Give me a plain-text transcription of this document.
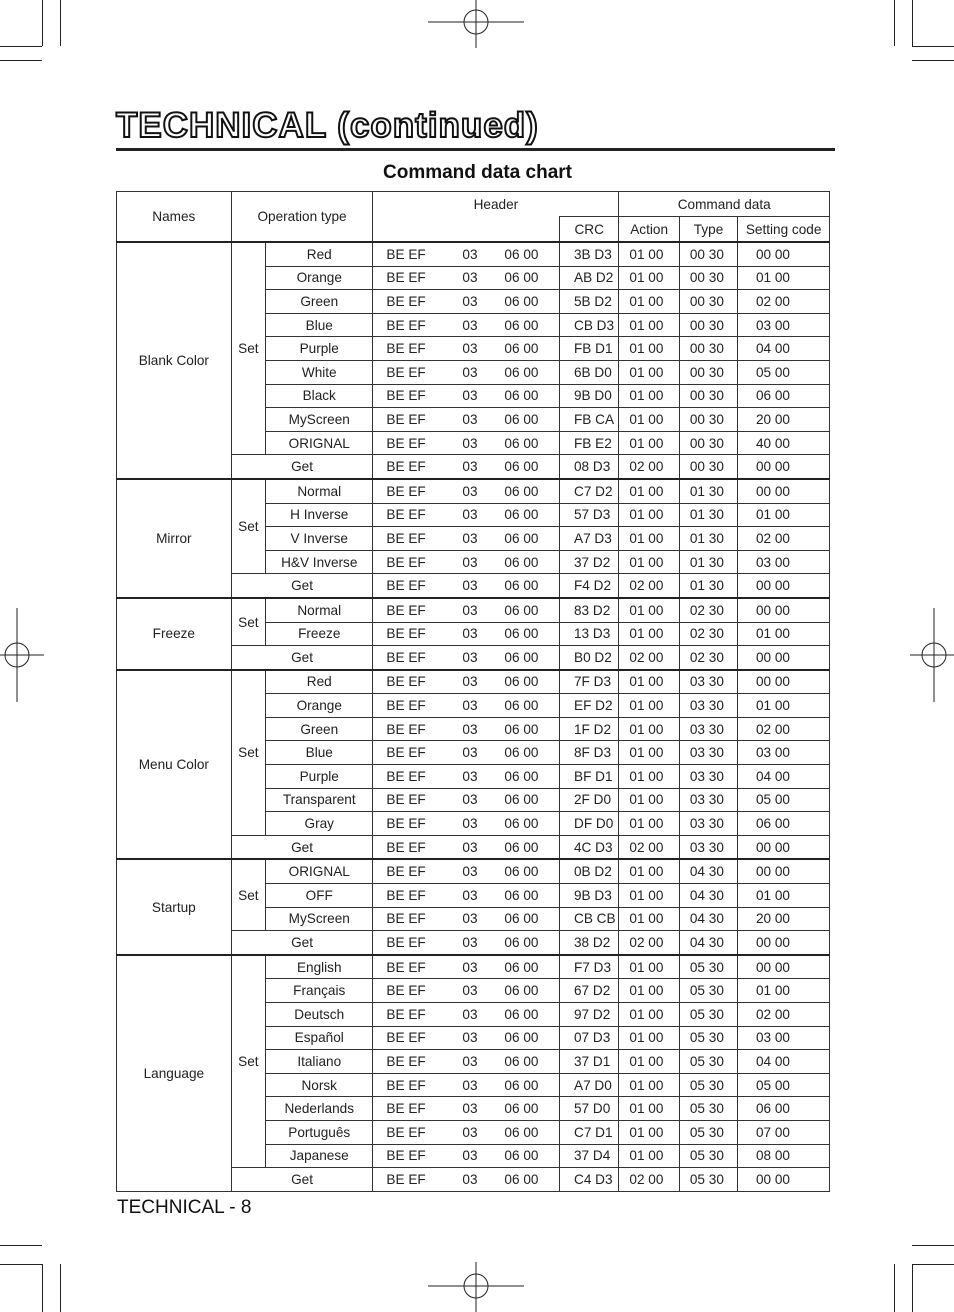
TECHNICAL (continued)
Command data chart
Names	Operation type		Header		Command data		
				CRC	Action	Type	Setting code
Blank Color	Set	Red	BE EF 03 06 00	3B D3	01 00	00 30	00 00
		Orange	BE EF 03 06 00	AB D2	01 00	00 30	01 00
		Green	BE EF 03 06 00	5B D2	01 00	00 30	02 00
		Blue	BE EF 03 06 00	CB D3	01 00	00 30	03 00
		Purple	BE EF 03 06 00	FB D1	01 00	00 30	04 00
		White	BE EF 03 06 00	6B D0	01 00	00 30	05 00
		Black	BE EF 03 06 00	9B D0	01 00	00 30	06 00
		MyScreen	BE EF 03 06 00	FB CA	01 00	00 30	20 00
		ORIGNAL	BE EF 03 06 00	FB E2	01 00	00 30	40 00
	Get		BE EF 03 06 00	08 D3	02 00	00 30	00 00
Mirror	Set	Normal	BE EF 03 06 00	C7 D2	01 00	01 30	00 00
		H Inverse	BE EF 03 06 00	57 D3	01 00	01 30	01 00
		V Inverse	BE EF 03 06 00	A7 D3	01 00	01 30	02 00
		H&V Inverse	BE EF 03 06 00	37 D2	01 00	01 30	03 00
	Get		BE EF 03 06 00	F4 D2	02 00	01 30	00 00
Freeze	Set	Normal	BE EF 03 06 00	83 D2	01 00	02 30	00 00
		Freeze	BE EF 03 06 00	13 D3	01 00	02 30	01 00
	Get		BE EF 03 06 00	B0 D2	02 00	02 30	00 00
Menu Color	Set	Red	BE EF 03 06 00	7F D3	01 00	03 30	00 00
		Orange	BE EF 03 06 00	EF D2	01 00	03 30	01 00
		Green	BE EF 03 06 00	1F D2	01 00	03 30	02 00
		Blue	BE EF 03 06 00	8F D3	01 00	03 30	03 00
		Purple	BE EF 03 06 00	BF D1	01 00	03 30	04 00
		Transparent	BE EF 03 06 00	2F D0	01 00	03 30	05 00
		Gray	BE EF 03 06 00	DF D0	01 00	03 30	06 00
	Get		BE EF 03 06 00	4C D3	02 00	03 30	00 00
Startup	Set	ORIGNAL	BE EF 03 06 00	0B D2	01 00	04 30	00 00
		OFF	BE EF 03 06 00	9B D3	01 00	04 30	01 00
		MyScreen	BE EF 03 06 00	CB CB	01 00	04 30	20 00
	Get		BE EF 03 06 00	38 D2	02 00	04 30	00 00
Language	Set	English	BE EF 03 06 00	F7 D3	01 00	05 30	00 00
		Français	BE EF 03 06 00	67 D2	01 00	05 30	01 00
		Deutsch	BE EF 03 06 00	97 D2	01 00	05 30	02 00
		Español	BE EF 03 06 00	07 D3	01 00	05 30	03 00
		Italiano	BE EF 03 06 00	37 D1	01 00	05 30	04 00
		Norsk	BE EF 03 06 00	A7 D0	01 00	05 30	05 00
		Nederlands	BE EF 03 06 00	57 D0	01 00	05 30	06 00
		Português	BE EF 03 06 00	C7 D1	01 00	05 30	07 00
		Japanese	BE EF 03 06 00	37 D4	01 00	05 30	08 00
	Get		BE EF 03 06 00	C4 D3	02 00	05 30	00 00

TECHNICAL - 8
